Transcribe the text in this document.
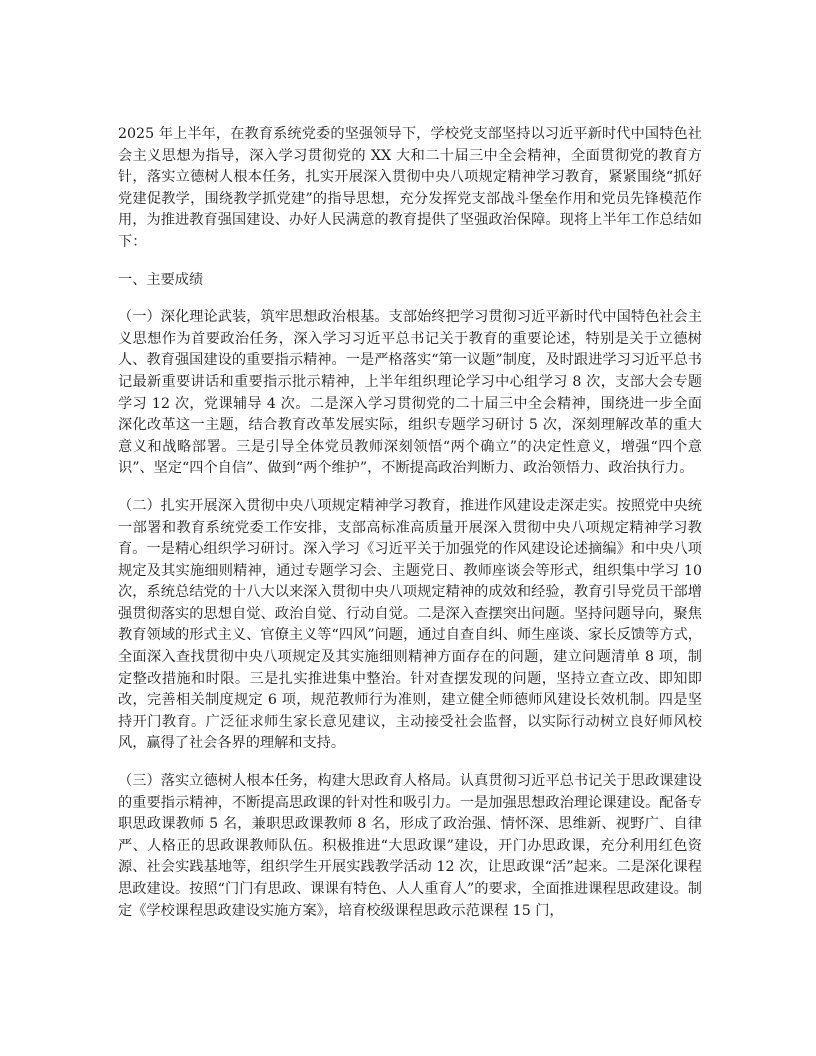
2025 年上半年，在教育系统党委的坚强领导下，学校党支部坚持以习近平新时代中国特色社会主义思想为指导，深入学习贯彻党的 XX 大和二十届三中全会精神，全面贯彻党的教育方针，落实立德树人根本任务，扎实开展深入贯彻中央八项规定精神学习教育，紧紧围绕“抓好党建促教学，围绕教学抓党建”的指导思想，充分发挥党支部战斗堡垒作用和党员先锋模范作用，为推进教育强国建设、办好人民满意的教育提供了坚强政治保障。现将上半年工作总结如下：

一、主要成绩

（一）深化理论武装，筑牢思想政治根基。支部始终把学习贯彻习近平新时代中国特色社会主义思想作为首要政治任务，深入学习习近平总书记关于教育的重要论述，特别是关于立德树人、教育强国建设的重要指示精神。一是严格落实“第一议题”制度，及时跟进学习习近平总书记最新重要讲话和重要指示批示精神，上半年组织理论学习中心组学习 8 次，支部大会专题学习 12 次，党课辅导 4 次。二是深入学习贯彻党的二十届三中全会精神，围绕进一步全面深化改革这一主题，结合教育改革发展实际，组织专题学习研讨 5 次，深刻理解改革的重大意义和战略部署。三是引导全体党员教师深刻领悟“两个确立”的决定性意义，增强“四个意识”、坚定“四个自信”、做到“两个维护”，不断提高政治判断力、政治领悟力、政治执行力。

（二）扎实开展深入贯彻中央八项规定精神学习教育，推进作风建设走深走实。按照党中央统一部署和教育系统党委工作安排，支部高标准高质量开展深入贯彻中央八项规定精神学习教育。一是精心组织学习研讨。深入学习《习近平关于加强党的作风建设论述摘编》和中央八项规定及其实施细则精神，通过专题学习会、主题党日、教师座谈会等形式，组织集中学习 10 次，系统总结党的十八大以来深入贯彻中央八项规定精神的成效和经验，教育引导党员干部增强贯彻落实的思想自觉、政治自觉、行动自觉。二是深入查摆突出问题。坚持问题导向，聚焦教育领域的形式主义、官僚主义等“四风”问题，通过自查自纠、师生座谈、家长反馈等方式，全面深入查找贯彻中央八项规定及其实施细则精神方面存在的问题，建立问题清单 8 项，制定整改措施和时限。三是扎实推进集中整治。针对查摆发现的问题，坚持立查立改、即知即改，完善相关制度规定 6 项，规范教师行为准则，建立健全师德师风建设长效机制。四是坚持开门教育。广泛征求师生家长意见建议，主动接受社会监督，以实际行动树立良好师风校风，赢得了社会各界的理解和支持。

（三）落实立德树人根本任务，构建大思政育人格局。认真贯彻习近平总书记关于思政课建设的重要指示精神，不断提高思政课的针对性和吸引力。一是加强思想政治理论课建设。配备专职思政课教师 5 名，兼职思政课教师 8 名，形成了政治强、情怀深、思维新、视野广、自律严、人格正的思政课教师队伍。积极推进“大思政课”建设，开门办思政课，充分利用红色资源、社会实践基地等，组织学生开展实践教学活动 12 次，让思政课“活”起来。二是深化课程思政建设。按照“门门有思政、课课有特色、人人重育人”的要求，全面推进课程思政建设。制定《学校课程思政建设实施方案》，培育校级课程思政示范课程 15 门，
